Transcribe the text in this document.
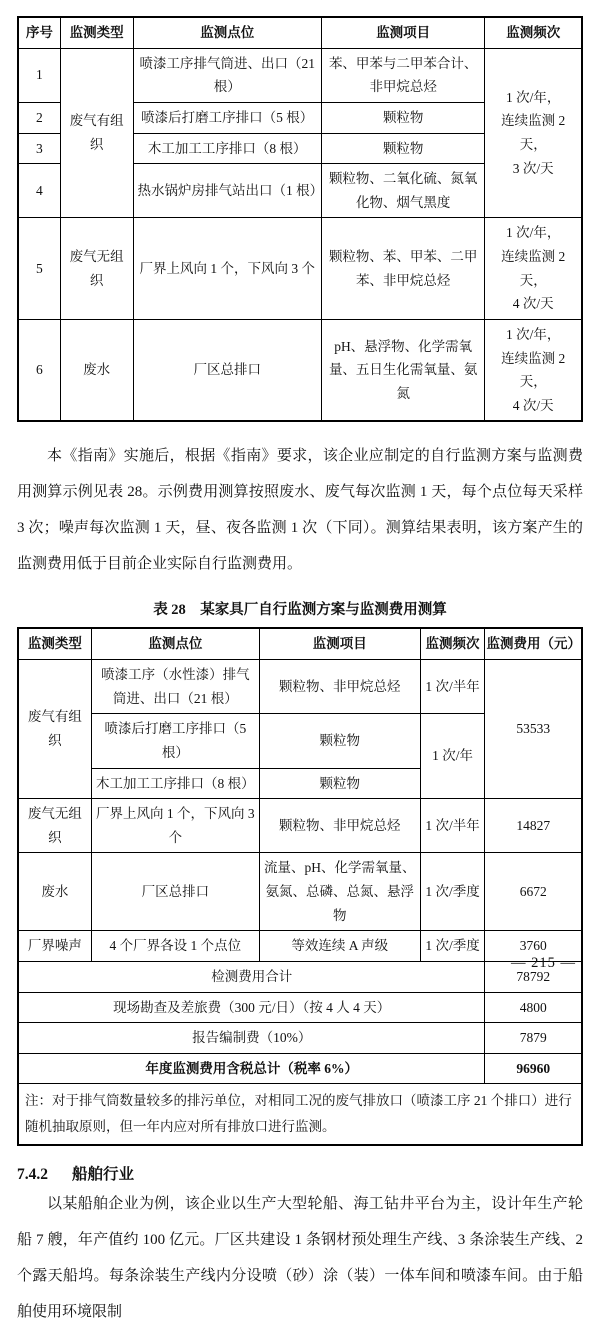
序号	监测类型	监测点位	监测项目	监测频次
1	废气有组织	喷漆工序排气筒进、出口（21 根）	苯、甲苯与二甲苯合计、非甲烷总烃	1 次/年，
连续监测 2 天，
3 次/天

2		喷漆后打磨工序排口（5 根）	颗粒物	
3		木工加工工序排口（8 根）	颗粒物	
4		热水锅炉房排气站出口（1 根）	颗粒物、二氧化硫、氮氧化物、烟气黑度	
5	废气无组织	厂界上风向 1 个，下风向 3 个	颗粒物、苯、甲苯、二甲苯、非甲烷总烃	1 次/年，
连续监测 2 天，
4 次/天

6	废水	厂区总排口	pH、悬浮物、化学需氧量、五日生化需氧量、氨氮	1 次/年，
连续监测 2 天，
4 次/天

本《指南》实施后，根据《指南》要求，该企业应制定的自行监测方案与监测费用测算示例见表 28。示例费用测算按照废水、废气每次监测 1 天，每个点位每天采样 3 次；噪声每次监测 1 天，昼、夜各监测 1 次（下同）。测算结果表明，该方案产生的监测费用低于目前企业实际自行监测费用。

表 28　某家具厂自行监测方案与监测费用测算
监测类型	监测点位	监测项目	监测频次	监测费用（元）
废气有组织	喷漆工序（水性漆）排气筒进、出口（21 根）	颗粒物、非甲烷总烃	1 次/半年	53533
	喷漆后打磨工序排口（5 根）	颗粒物	1 次/年	
	木工加工工序排口（8 根）	颗粒物		
废气无组织	厂界上风向 1 个，下风向 3 个	颗粒物、非甲烷总烃	1 次/半年	14827
废水	厂区总排口	流量、pH、化学需氧量、氨氮、总磷、总氮、悬浮物	1 次/季度	6672
厂界噪声	4 个厂界各设 1 个点位	等效连续 A 声级	1 次/季度	3760
检测费用合计				78792
现场勘查及差旅费（300 元/日）（按 4 人 4 天）				4800
报告编制费（10%）				7879
年度监测费用含税总计（税率 6%）				96960
注：对于排气筒数量较多的排污单位，对相同工况的废气排放口（喷漆工序 21 个排口）进行随机抽取原则，但一年内应对所有排放口进行监测。				
7.4.2 船舶行业

以某船舶企业为例，该企业以生产大型轮船、海工钻井平台为主，设计年生产轮船 7 艘，年产值约 100 亿元。厂区共建设 1 条钢材预处理生产线、3 条涂装生产线、2 个露天船坞。每条涂装生产线内分设喷（砂）涂（装）一体车间和喷漆车间。由于船舶使用环境限制

— 215 —
